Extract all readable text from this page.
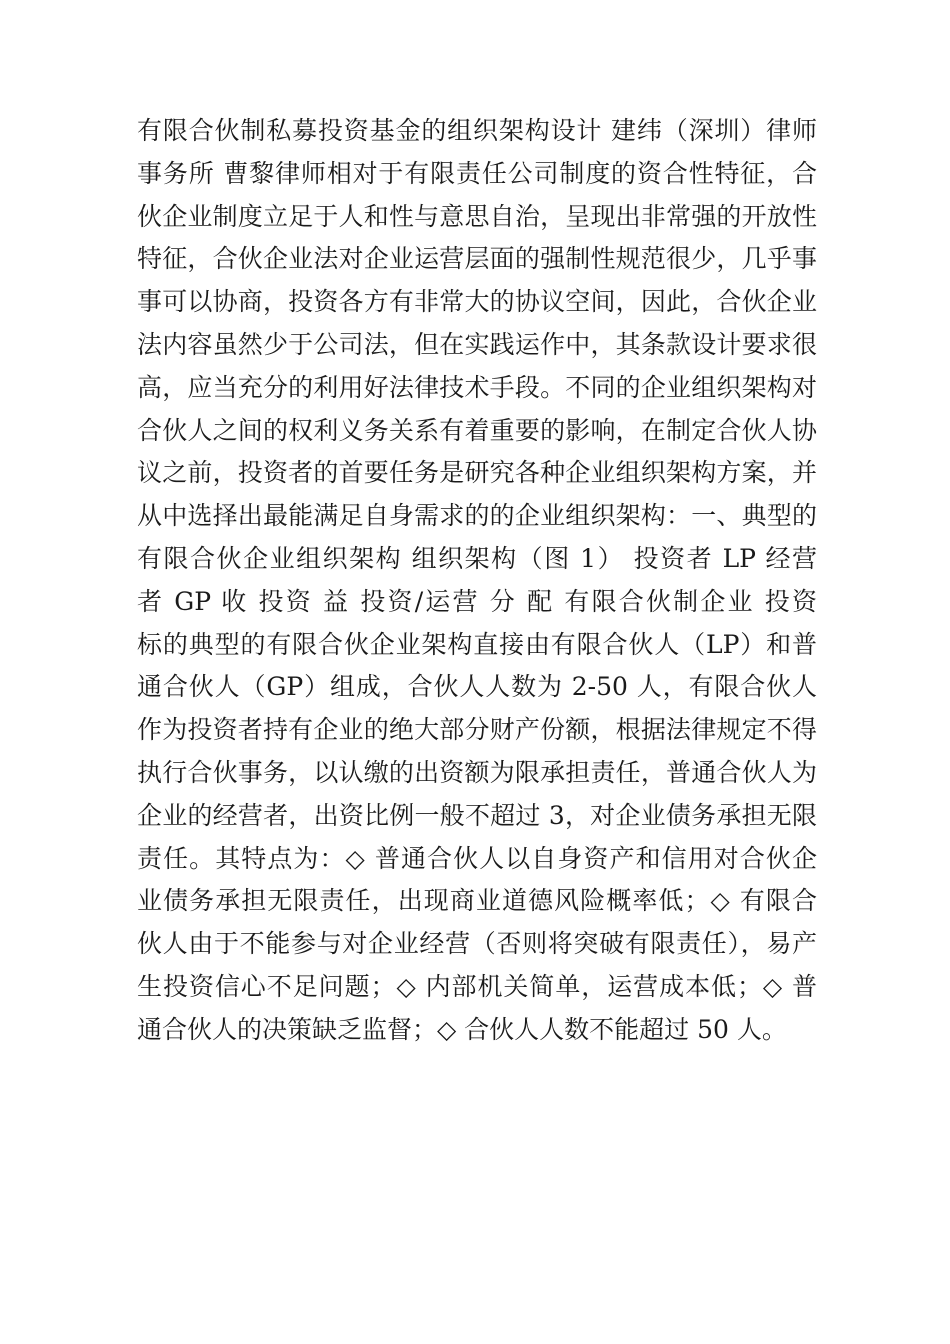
有限合伙制私募投资基金的组织架构设计 建纬（深圳）律师
事务所 曹黎律师相对于有限责任公司制度的资合性特征，合
伙企业制度立足于人和性与意思自治，呈现出非常强的开放性
特征，合伙企业法对企业运营层面的强制性规范很少，几乎事
事可以协商，投资各方有非常大的协议空间，因此，合伙企业
法内容虽然少于公司法，但在实践运作中，其条款设计要求很
高，应当充分的利用好法律技术手段。不同的企业组织架构对
合伙人之间的权利义务关系有着重要的影响，在制定合伙人协
议之前，投资者的首要任务是研究各种企业组织架构方案，并
从中选择出最能满足自身需求的的企业组织架构：一、典型的
有限合伙企业组织架构 组织架构（图 1） 投资者 LP 经营
者 GP 收 投资 益 投资/运营 分 配 有限合伙制企业 投资
标的典型的有限合伙企业架构直接由有限合伙人（LP）和普
通合伙人（GP）组成，合伙人人数为 2-50 人，有限合伙人
作为投资者持有企业的绝大部分财产份额，根据法律规定不得
执行合伙事务，以认缴的出资额为限承担责任，普通合伙人为
企业的经营者，出资比例一般不超过 3，对企业债务承担无限
责任。其特点为：◇ 普通合伙人以自身资产和信用对合伙企
业债务承担无限责任，出现商业道德风险概率低；◇ 有限合
伙人由于不能参与对企业经营（否则将突破有限责任），易产
生投资信心不足问题；◇ 内部机关简单，运营成本低；◇ 普
通合伙人的决策缺乏监督；◇ 合伙人人数不能超过 50 人。
